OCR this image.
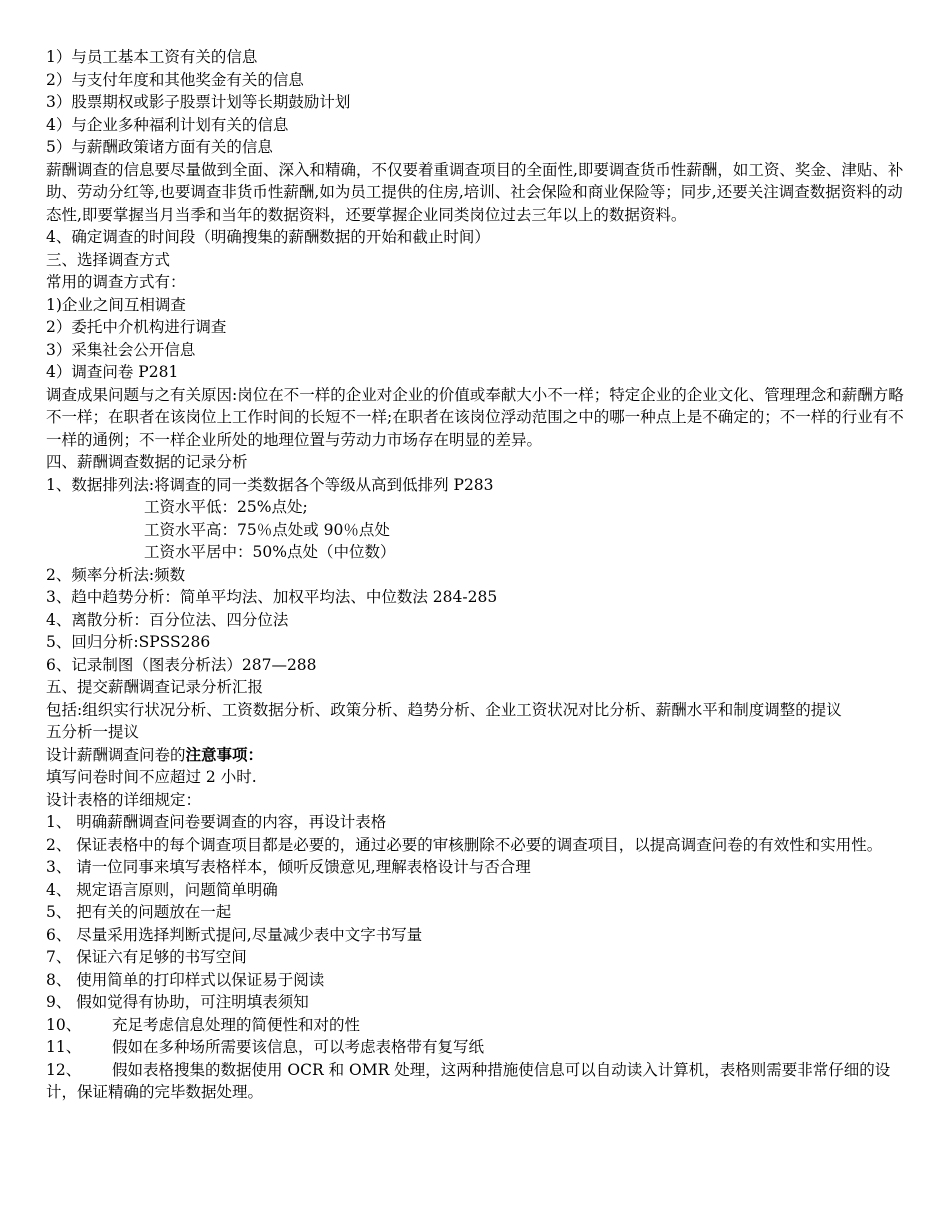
1）与员工基本工资有关的信息

2）与支付年度和其他奖金有关的信息

3）股票期权或影子股票计划等长期鼓励计划

4）与企业多种福利计划有关的信息

5）与薪酬政策诸方面有关的信息

薪酬调查的信息要尽量做到全面、深入和精确，不仅要着重调查项目的全面性,即要调查货币性薪酬，如工资、奖金、津贴、补助、劳动分红等,也要调查非货币性薪酬,如为员工提供的住房,培训、社会保险和商业保险等；同步,还要关注调查数据资料的动态性,即要掌握当月当季和当年的数据资料，还要掌握企业同类岗位过去三年以上的数据资料。

4、确定调查的时间段（明确搜集的薪酬数据的开始和截止时间）

三、选择调查方式

常用的调查方式有：

1)企业之间互相调查

2）委托中介机构进行调查

3）采集社会公开信息

4）调查问卷 P281

调查成果问题与之有关原因:岗位在不一样的企业对企业的价值或奉献大小不一样；特定企业的企业文化、管理理念和薪酬方略不一样；在职者在该岗位上工作时间的长短不一样;在职者在该岗位浮动范围之中的哪一种点上是不确定的；不一样的行业有不一样的通例；不一样企业所处的地理位置与劳动力市场存在明显的差异。

四、薪酬调查数据的记录分析

1、数据排列法:将调查的同一类数据各个等级从高到低排列 P283

工资水平低：25%点处;

工资水平高：75％点处或 90％点处

工资水平居中：50%点处（中位数）

2、频率分析法:频数

3、趋中趋势分析：简单平均法、加权平均法、中位数法 284-285

4、离散分析：百分位法、四分位法

5、回归分析:SPSS286

6、记录制图（图表分析法）287—288

五、提交薪酬调查记录分析汇报

包括:组织实行状况分析、工资数据分析、政策分析、趋势分析、企业工资状况对比分析、薪酬水平和制度调整的提议

五分析一提议

设计薪酬调查问卷的注意事项：

填写问卷时间不应超过 2 小时.

设计表格的详细规定：

1、 明确薪酬调查问卷要调查的内容，再设计表格

2、 保证表格中的每个调查项目都是必要的，通过必要的审核删除不必要的调查项目，以提高调查问卷的有效性和实用性。

3、 请一位同事来填写表格样本，倾听反馈意见,理解表格设计与否合理

4、 规定语言原则，问题简单明确

5、 把有关的问题放在一起

6、 尽量采用选择判断式提问,尽量减少表中文字书写量

7、 保证六有足够的书写空间

8、 使用简单的打印样式以保证易于阅读

9、 假如觉得有协助，可注明填表须知

10、 充足考虑信息处理的简便性和对的性

11、 假如在多种场所需要该信息，可以考虑表格带有复写纸

12、 假如表格搜集的数据使用 OCR 和 OMR 处理，这两种措施使信息可以自动读入计算机，表格则需要非常仔细的设计，保证精确的完毕数据处理。
